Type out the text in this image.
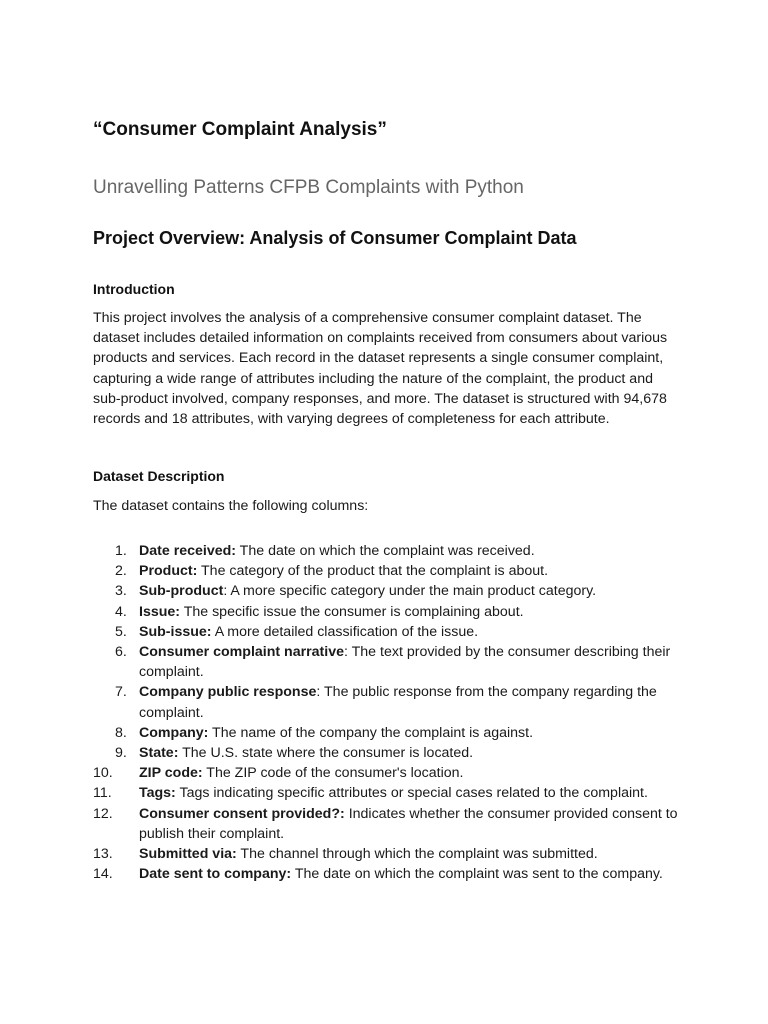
“Consumer Complaint Analysis”
Unravelling Patterns CFPB Complaints with Python
Project Overview: Analysis of Consumer Complaint Data
Introduction

This project involves the analysis of a comprehensive consumer complaint dataset. The dataset includes detailed information on complaints received from consumers about various products and services. Each record in the dataset represents a single consumer complaint, capturing a wide range of attributes including the nature of the complaint, the product and sub-product involved, company responses, and more. The dataset is structured with 94,678 records and 18 attributes, with varying degrees of completeness for each attribute.

Dataset Description

The dataset contains the following columns:

1. Date received: The date on which the complaint was received.
2. Product: The category of the product that the complaint is about.
3. Sub-product: A more specific category under the main product category.
4. Issue: The specific issue the consumer is complaining about.
5. Sub-issue: A more detailed classification of the issue.
6. Consumer complaint narrative: The text provided by the consumer describing their complaint.
7. Company public response: The public response from the company regarding the complaint.
8. Company: The name of the company the complaint is against.
9. State: The U.S. state where the consumer is located.
10.	ZIP code: The ZIP code of the consumer's location.
11.	Tags: Tags indicating specific attributes or special cases related to the complaint.
12.	Consumer consent provided?: Indicates whether the consumer provided consent to publish their complaint.
13.	Submitted via: The channel through which the complaint was submitted.
14.	Date sent to company: The date on which the complaint was sent to the company.
